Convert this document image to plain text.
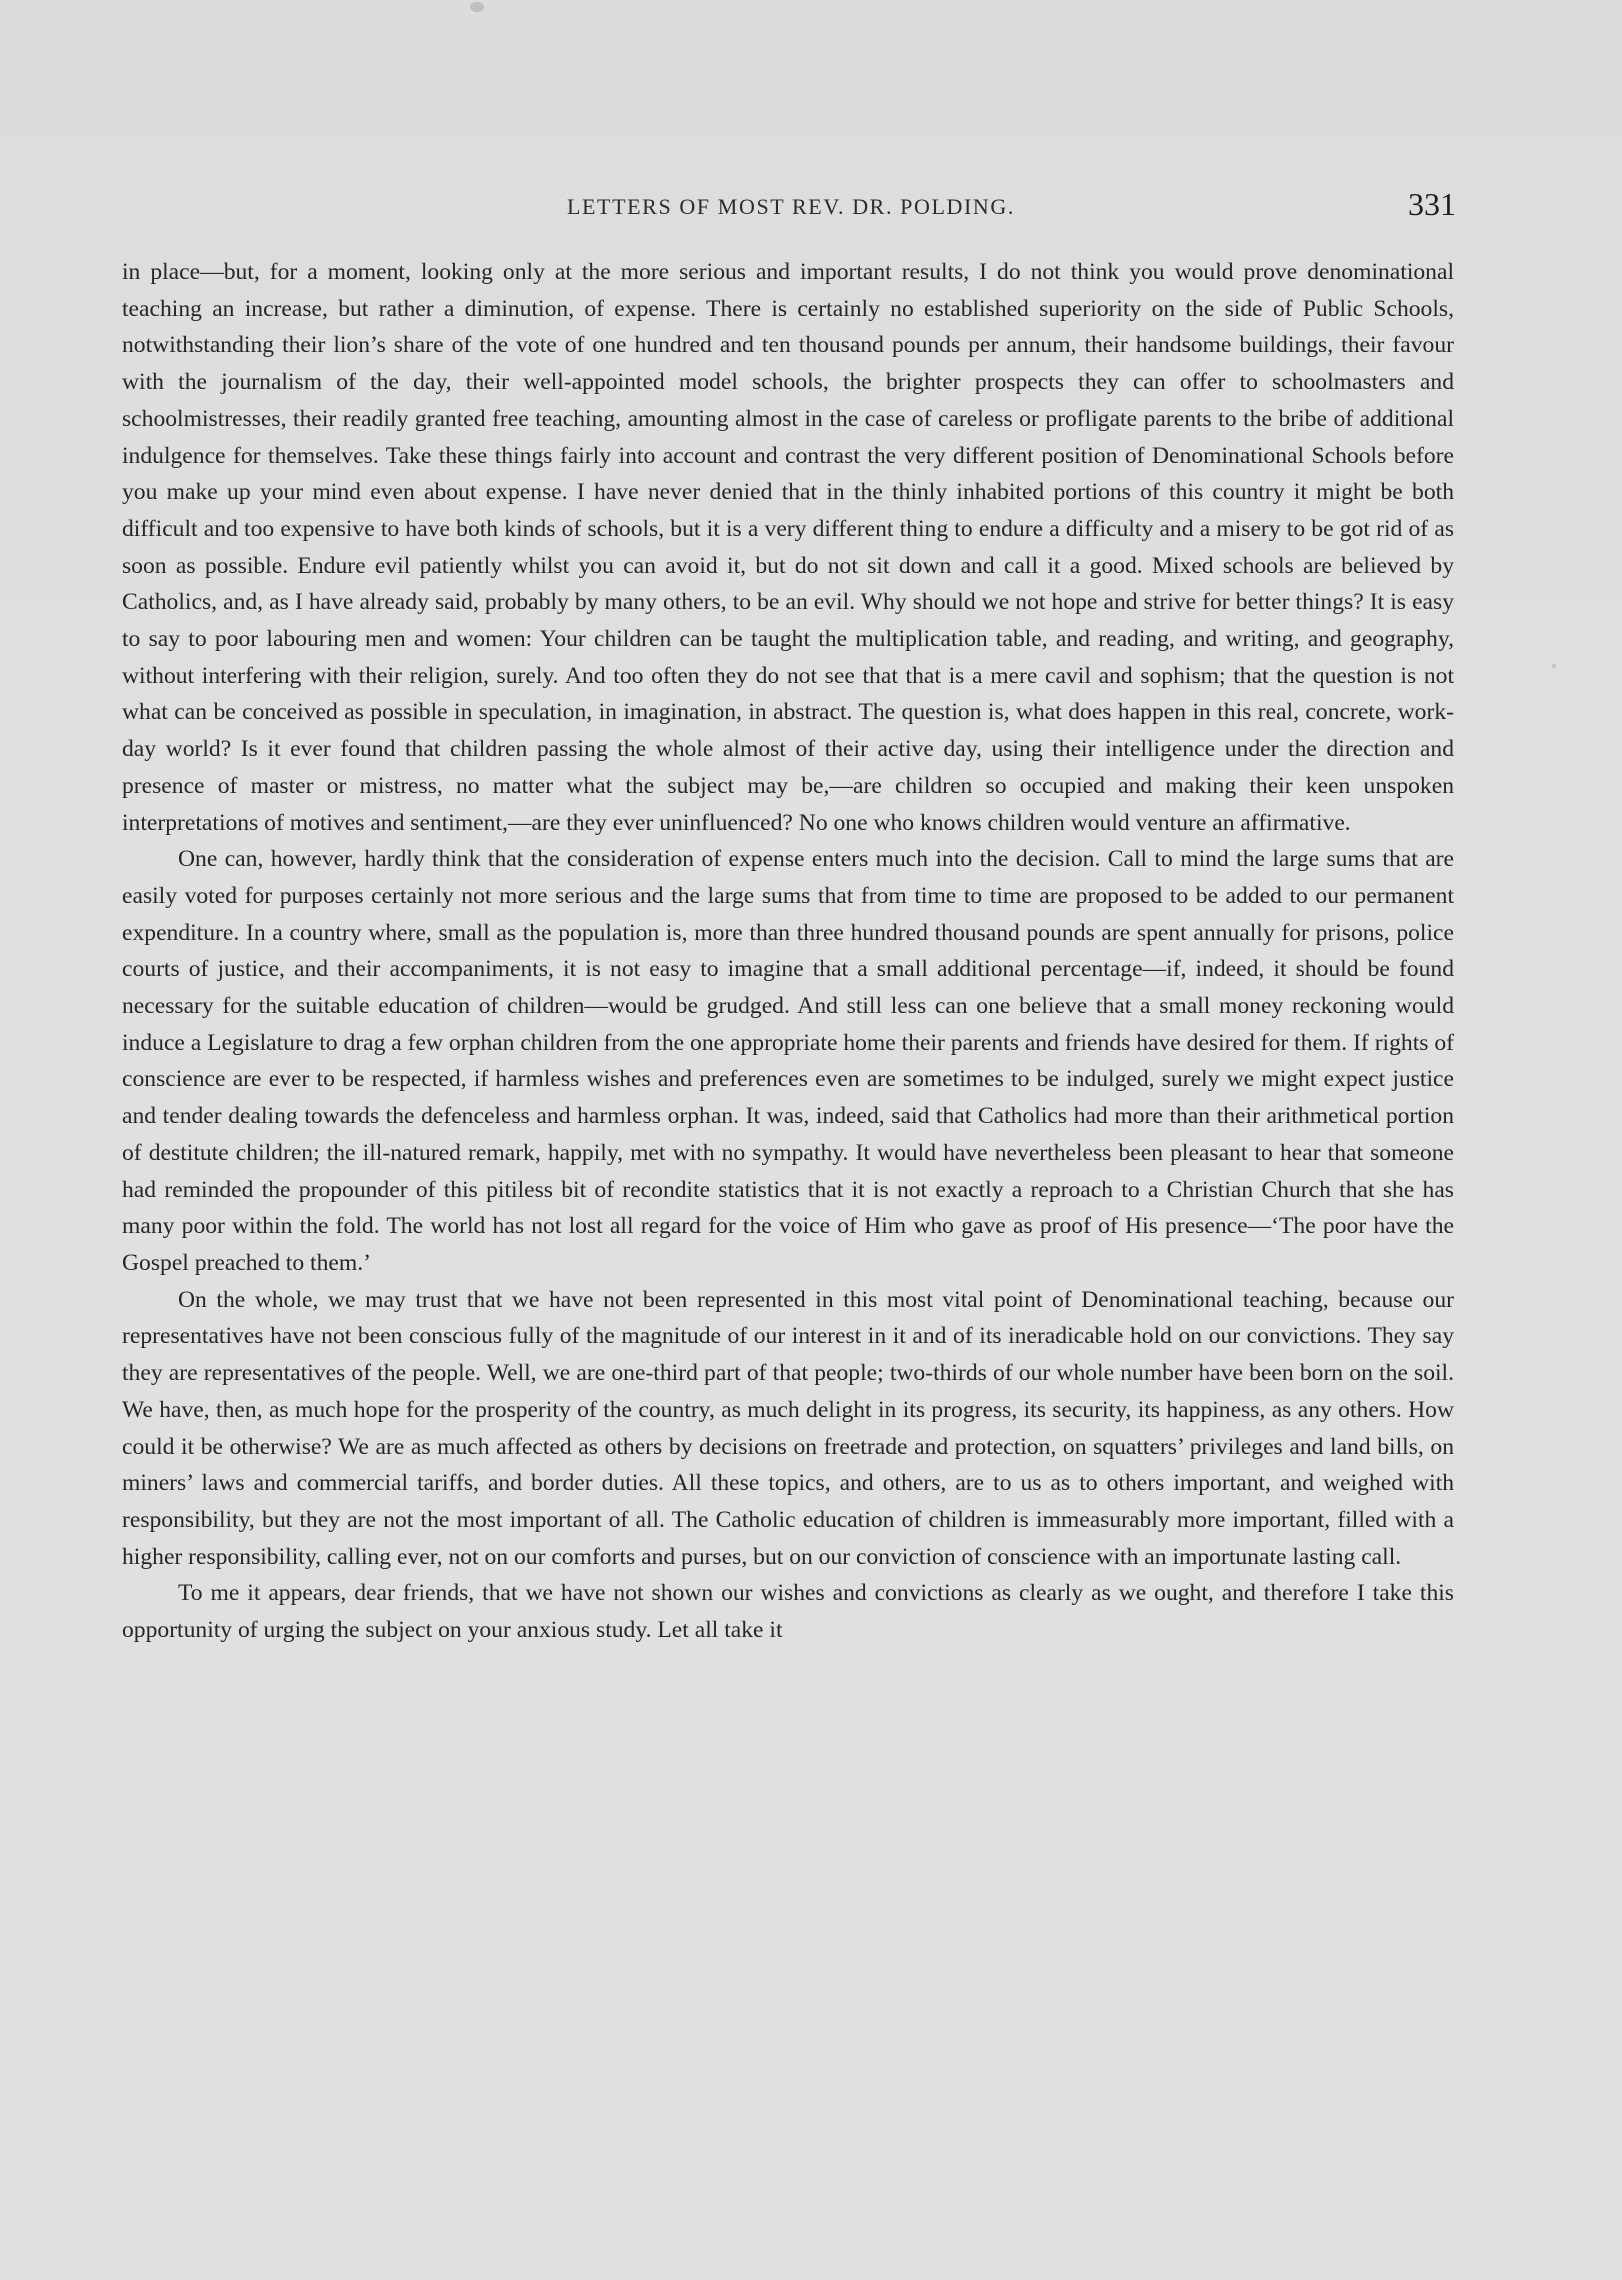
LETTERS OF MOST REV. DR. POLDING.	331

in place—but, for a moment, looking only at the more serious and important results, I do not think you would prove denominational teaching an increase, but rather a diminution, of expense. There is certainly no established superiority on the side of Public Schools, notwithstanding their lion’s share of the vote of one hundred and ten thousand pounds per annum, their handsome buildings, their favour with the journalism of the day, their well-appointed model schools, the brighter prospects they can offer to schoolmasters and schoolmistresses, their readily granted free teaching, amounting almost in the case of careless or profligate parents to the bribe of additional indulgence for themselves. Take these things fairly into account and contrast the very different position of Denominational Schools before you make up your mind even about expense. I have never denied that in the thinly inhabited portions of this country it might be both difficult and too expensive to have both kinds of schools, but it is a very different thing to endure a difficulty and a misery to be got rid of as soon as possible. Endure evil patiently whilst you can avoid it, but do not sit down and call it a good. Mixed schools are believed by Catholics, and, as I have already said, probably by many others, to be an evil. Why should we not hope and strive for better things? It is easy to say to poor labouring men and women: Your children can be taught the multiplication table, and reading, and writing, and geography, without interfering with their religion, surely. And too often they do not see that that is a mere cavil and sophism; that the question is not what can be conceived as possible in speculation, in imagination, in abstract. The question is, what does happen in this real, concrete, work-day world? Is it ever found that children passing the whole almost of their active day, using their intelligence under the direction and presence of master or mistress, no matter what the subject may be,—are children so occupied and making their keen unspoken interpretations of motives and sentiment,—are they ever uninfluenced? No one who knows children would venture an affirmative.

One can, however, hardly think that the consideration of expense enters much into the decision. Call to mind the large sums that are easily voted for purposes certainly not more serious and the large sums that from time to time are proposed to be added to our permanent expenditure. In a country where, small as the population is, more than three hundred thousand pounds are spent annually for prisons, police courts of justice, and their accompaniments, it is not easy to imagine that a small additional percentage—if, indeed, it should be found necessary for the suitable education of children—would be grudged. And still less can one believe that a small money reckoning would induce a Legislature to drag a few orphan children from the one appropriate home their parents and friends have desired for them. If rights of conscience are ever to be respected, if harmless wishes and preferences even are sometimes to be indulged, surely we might expect justice and tender dealing towards the defenceless and harmless orphan. It was, indeed, said that Catholics had more than their arithmetical portion of destitute children; the ill-natured remark, happily, met with no sympathy. It would have nevertheless been pleasant to hear that someone had reminded the propounder of this pitiless bit of recondite statistics that it is not exactly a reproach to a Christian Church that she has many poor within the fold. The world has not lost all regard for the voice of Him who gave as proof of His presence—‘The poor have the Gospel preached to them.’

On the whole, we may trust that we have not been represented in this most vital point of Denominational teaching, because our representatives have not been conscious fully of the magnitude of our interest in it and of its ineradicable hold on our convictions. They say they are representatives of the people. Well, we are one-third part of that people; two-thirds of our whole number have been born on the soil. We have, then, as much hope for the prosperity of the country, as much delight in its progress, its security, its happiness, as any others. How could it be otherwise? We are as much affected as others by decisions on freetrade and protection, on squatters’ privileges and land bills, on miners’ laws and commercial tariffs, and border duties. All these topics, and others, are to us as to others important, and weighed with responsibility, but they are not the most important of all. The Catholic education of children is immeasurably more important, filled with a higher responsibility, calling ever, not on our comforts and purses, but on our conviction of conscience with an importunate lasting call.

To me it appears, dear friends, that we have not shown our wishes and convictions as clearly as we ought, and therefore I take this opportunity of urging the subject on your anxious study. Let all take it
